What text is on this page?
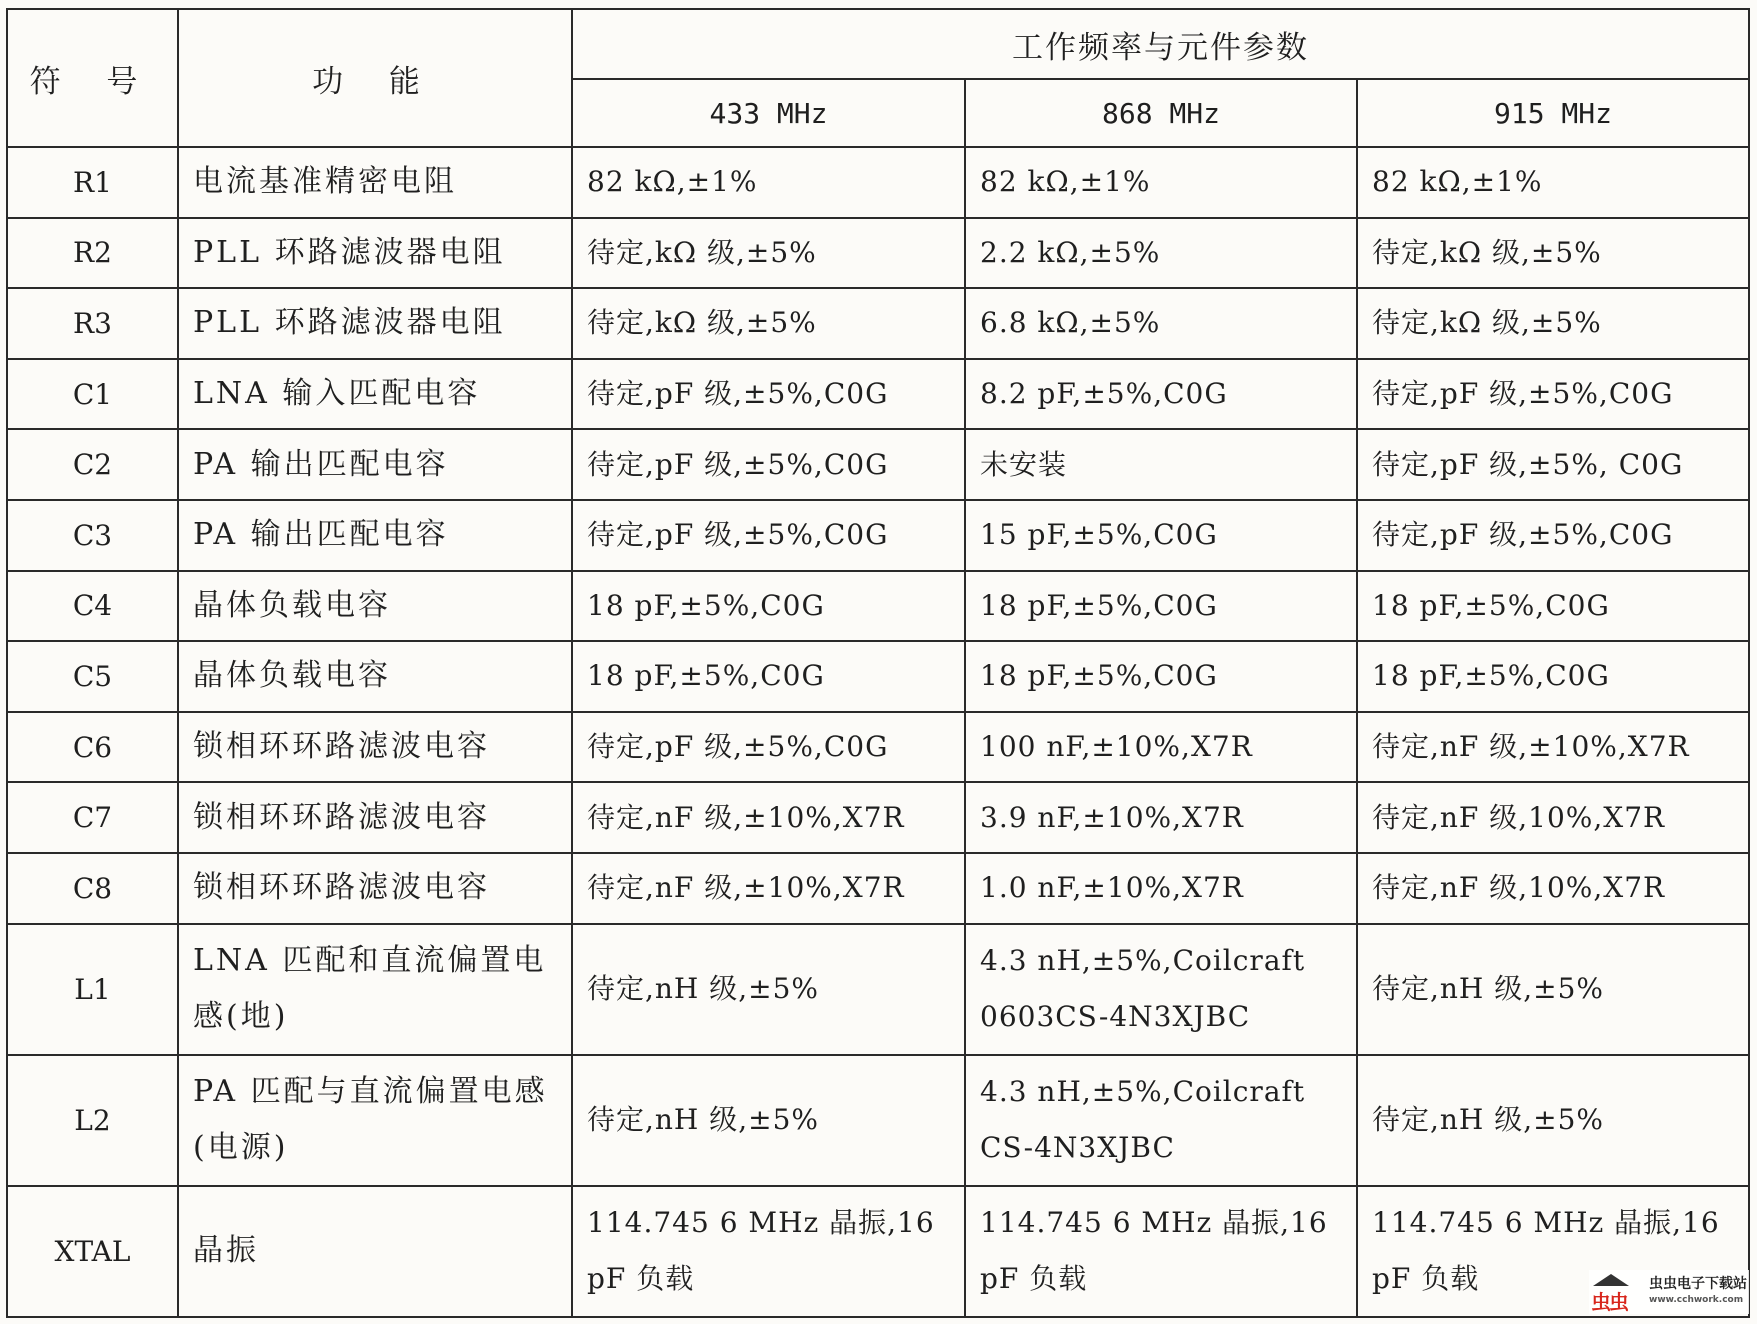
符 号	功 能	工作频率与元件参数		
		433 MHz	868 MHz	915 MHz
R1	电流基准精密电阻	82 kΩ,±1%	82 kΩ,±1%	82 kΩ,±1%
R2	PLL 环路滤波器电阻	待定,kΩ 级,±5%	2.2 kΩ,±5%	待定,kΩ 级,±5%
R3	PLL 环路滤波器电阻	待定,kΩ 级,±5%	6.8 kΩ,±5%	待定,kΩ 级,±5%
C1	LNA 输入匹配电容	待定,pF 级,±5%,C0G	8.2 pF,±5%,C0G	待定,pF 级,±5%,C0G
C2	PA 输出匹配电容	待定,pF 级,±5%,C0G	未安装	待定,pF 级,±5%, C0G
C3	PA 输出匹配电容	待定,pF 级,±5%,C0G	15 pF,±5%,C0G	待定,pF 级,±5%,C0G
C4	晶体负载电容	18 pF,±5%,C0G	18 pF,±5%,C0G	18 pF,±5%,C0G
C5	晶体负载电容	18 pF,±5%,C0G	18 pF,±5%,C0G	18 pF,±5%,C0G
C6	锁相环环路滤波电容	待定,pF 级,±5%,C0G	100 nF,±10%,X7R	待定,nF 级,±10%,X7R
C7	锁相环环路滤波电容	待定,nF 级,±10%,X7R	3.9 nF,±10%,X7R	待定,nF 级,10%,X7R
C8	锁相环环路滤波电容	待定,nF 级,±10%,X7R	1.0 nF,±10%,X7R	待定,nF 级,10%,X7R
L1	LNA 匹配和直流偏置电感(地)	待定,nH 级,±5%	4.3 nH,±5%,Coilcraft 0603CS-4N3XJBC	待定,nH 级,±5%
L2	PA 匹配与直流偏置电感(电源)	待定,nH 级,±5%	4.3 nH,±5%,Coilcraft CS-4N3XJBC	待定,nH 级,±5%
XTAL	晶振	114.745 6 MHz 晶振,16 pF 负载	114.745 6 MHz 晶振,16 pF 负载	114.745 6 MHz 晶振,16 pF 负载
虫虫
虫虫电子下载站
www.cchwork.com
